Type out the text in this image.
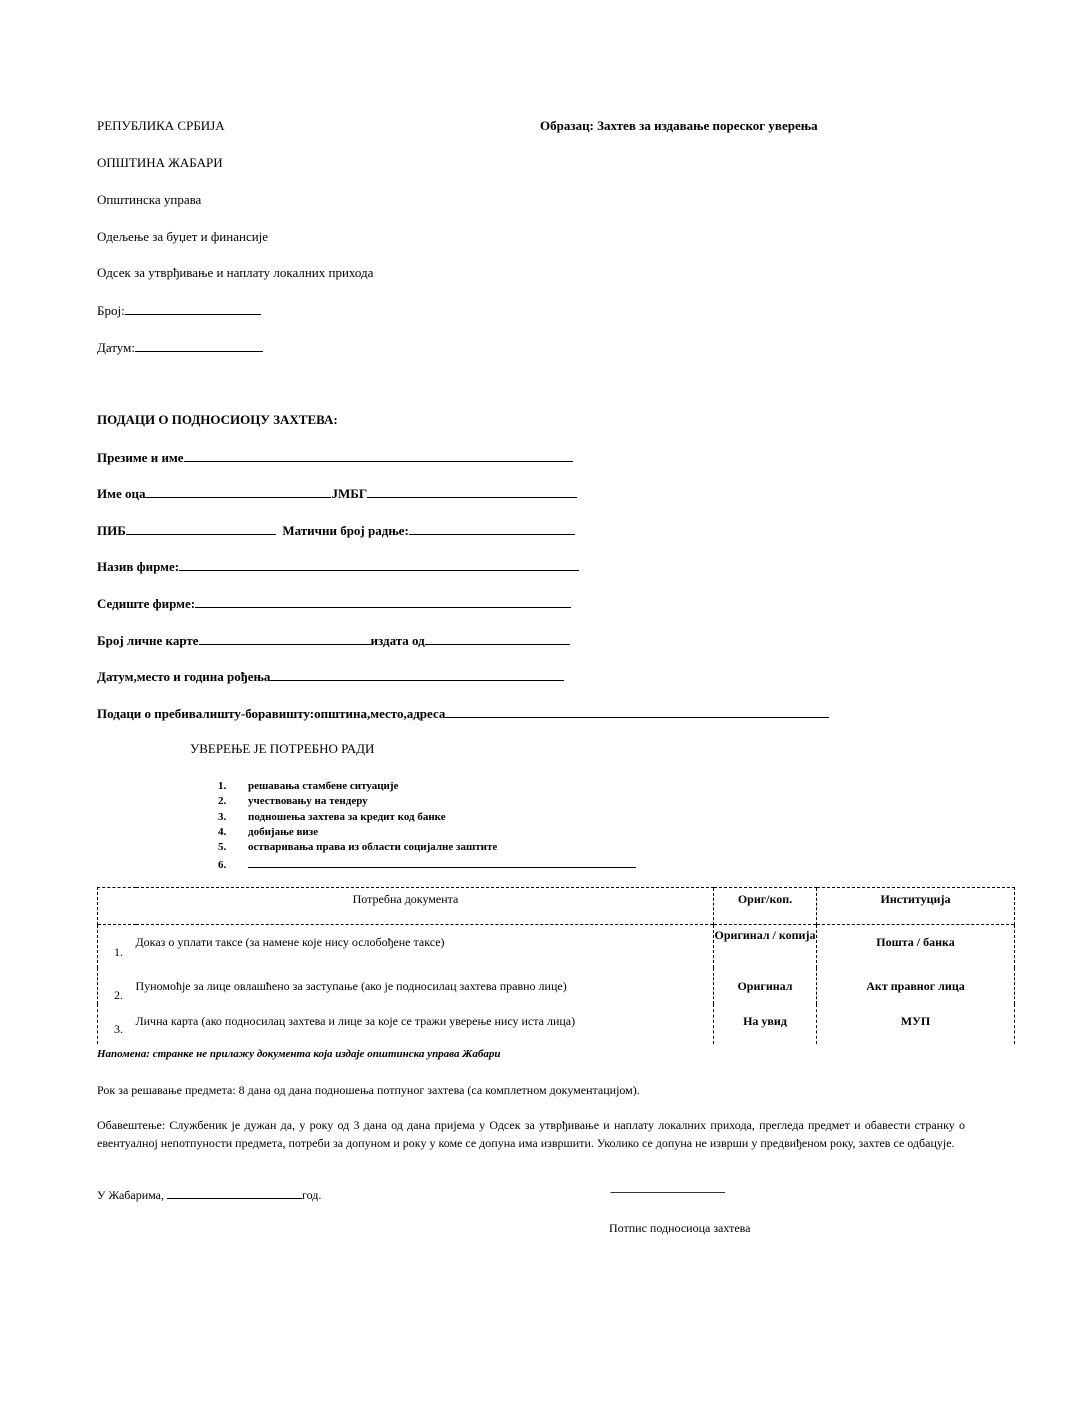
РЕПУБЛИКА СРБИЈА	Образац: Захтев за издавање пореског уверења
ОПШТИНА ЖАБАРИ
Општинска управа
Одељење за буџет и финансије
Одсек за утврђивање и наплату локалних прихода
Број:
Датум:
ПОДАЦИ О ПОДНОСИОЦУ ЗАХТЕВА:
Презиме и име
Име оца	ЈМБГ
ПИБ	Матични број радње:
Назив фирме:
Седиште фирме:
Број личне карте	издата од
Датум,место и година рођења
Подаци о пребивалишту-боравишту:општина,место,адреса
УВЕРЕЊЕ ЈЕ ПОТРЕБНО РАДИ
1. решавања стамбене ситуације
2. учествовању на тендеру
3. подношења захтева за кредит код банке
4. добијање визе
5. остваривања права из области социјалне заштите
6.
Потребна документа		Ориг/коп.	Институција
1.	Доказ о уплати таксе (за намене које нису ослобођене таксе)	Оригинал / копија	Пошта / банка
2.	Пуномоћје за лице овлашћено за заступање (ако је подносилац захтева правно лице)	Оригинал	Акт правног лица
3.	Лична карта (ако подносилац захтева и лице за које се тражи уверење нису иста лица)	На увид	МУП
Напомена: странке не прилажу документа која издаје општинска управа Жабари
Рок за решавање предмета: 8 дана од дана подношења потпуног захтева (са комплетном документацијом).
Обавештење: Службеник је дужан да, у року од 3 дана од дана пријема у Одсек за утврђивање и наплату локалних прихода, прегледа предмет и обавести странку о евентуалној непотпуности предмета, потреби за допуном и року у коме се допуна има извршити. Уколико се допуна не изврши у предвиђеном року, захтев се одбацује.
У Жабарима,	год.	-------------------------------------------
Потпис подносиоца захтева
